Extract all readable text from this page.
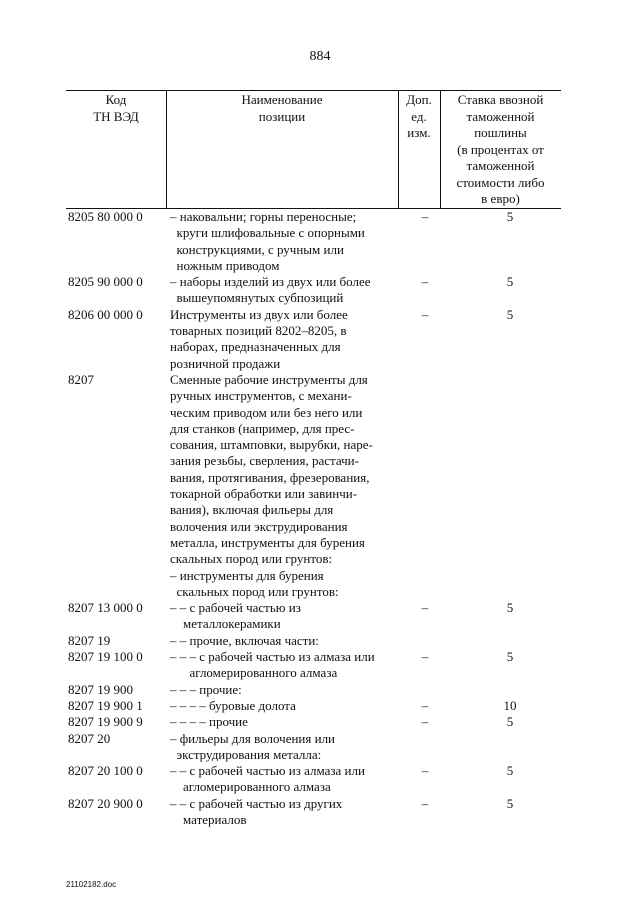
884
Код
ТН ВЭД
Наименование
позиции
Доп.
ед.
изм.
Ставка ввозной
таможенной
пошлины
(в процентах от
таможенной
стоимости либо
в евро)
8205 80 000 0	– наковальни; горны переносные;
круги шлифовальные с опорными
конструкциями, с ручным или
ножным приводом
–	5
8205 90 000 0	– наборы изделий из двух или более
вышеупомянутых субпозиций
–	5
8206 00 000 0	Инструменты из двух или более
товарных позиций 8202–8205, в
наборах, предназначенных для
розничной продажи
–	5
8207	Сменные рабочие инструменты для
ручных инструментов, с механи-
ческим приводом или без него или
для станков (например, для прес-
сования, штамповки, вырубки, наре-
зания резьбы, сверления, растачи-
вания, протягивания, фрезерования,
токарной обработки или завинчи-
вания), включая фильеры для
волочения или экструдирования
металла, инструменты для бурения
скальных пород или грунтов:
– инструменты для бурения
скальных пород или грунтов:
8207 13 000 0	– – с рабочей частью из
металлокерамики
–	5
8207 19	– – прочие, включая части:
8207 19 100 0	– – – с рабочей частью из алмаза или
агломерированного алмаза
–	5
8207 19 900	– – – прочие:
8207 19 900 1	– – – – буровые долота	–	10
8207 19 900 9	– – – – прочие	–	5
8207 20	– фильеры для волочения или
экструдирования металла:
8207 20 100 0	– – с рабочей частью из алмаза или
агломерированного алмаза
–	5
8207 20 900 0	– – с рабочей частью из других
материалов
–	5
21102182.doc
